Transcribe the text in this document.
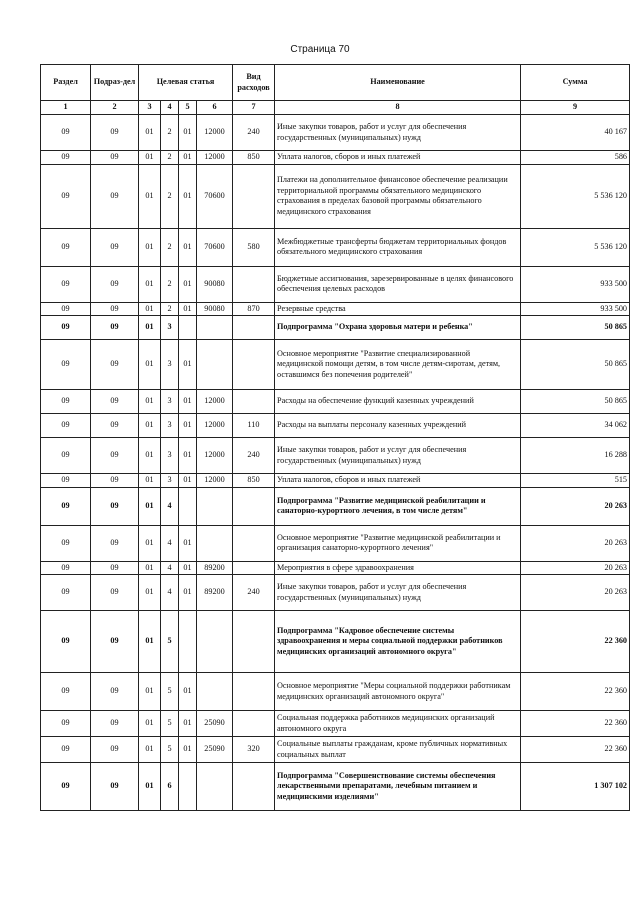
Страница 70
Раздел	Подраз-дел	Целевая статья				Вид расходов	Наименование	Сумма
1	2	3	4	5	6	7	8	9
09	09	01	2	01	12000	240	Иные закупки товаров, работ и услуг для обеспечения государственных (муниципальных) нужд	40 167
09	09	01	2	01	12000	850	Уплата налогов, сборов и иных платежей	586
09	09	01	2	01	70600		Платежи на дополнительное финансовое обеспечение реализации территориальной программы обязательного медицинского страхования в пределах базовой программы обязательного медицинского страхования	5 536 120
09	09	01	2	01	70600	580	Межбюджетные трансферты бюджетам территориальных фондов обязательного медицинского страхования	5 536 120
09	09	01	2	01	90080		Бюджетные ассигнования, зарезервированные в целях финансового обеспечения целевых расходов	933 500
09	09	01	2	01	90080	870	Резервные средства	933 500
09	09	01	3				Подпрограмма "Охрана здоровья матери и ребенка"	50 865
09	09	01	3	01			Основное мероприятие "Развитие специализированной медицинской помощи детям, в том числе детям-сиротам, детям, оставшимся без попечения родителей"	50 865
09	09	01	3	01	12000		Расходы на обеспечение функций казенных учреждений	50 865
09	09	01	3	01	12000	110	Расходы на выплаты персоналу казенных учреждений	34 062
09	09	01	3	01	12000	240	Иные закупки товаров, работ и услуг для обеспечения государственных (муниципальных) нужд	16 288
09	09	01	3	01	12000	850	Уплата налогов, сборов и иных платежей	515
09	09	01	4				Подпрограмма "Развитие медицинской реабилитации и санаторно-курортного лечения, в том числе детям"	20 263
09	09	01	4	01			Основное мероприятие "Развитие медицинской реабилитации и организация санаторно-курортного лечения"	20 263
09	09	01	4	01	89200		Мероприятия в сфере здравоохранения	20 263
09	09	01	4	01	89200	240	Иные закупки товаров, работ и услуг для обеспечения государственных (муниципальных) нужд	20 263
09	09	01	5				Подпрограмма "Кадровое обеспечение системы здравоохранения и меры социальной поддержки работников медицинских организаций автономного округа"	22 360
09	09	01	5	01			Основное мероприятие "Меры социальной поддержки работникам медицинских организаций автономного округа"	22 360
09	09	01	5	01	25090		Социальная поддержка работников медицинских организаций автономного округа	22 360
09	09	01	5	01	25090	320	Социальные выплаты гражданам, кроме публичных нормативных социальных выплат	22 360
09	09	01	6				Подпрограмма "Совершенствование системы обеспечения лекарственными препаратами, лечебным питанием и медицинскими изделиями"	1 307 102
